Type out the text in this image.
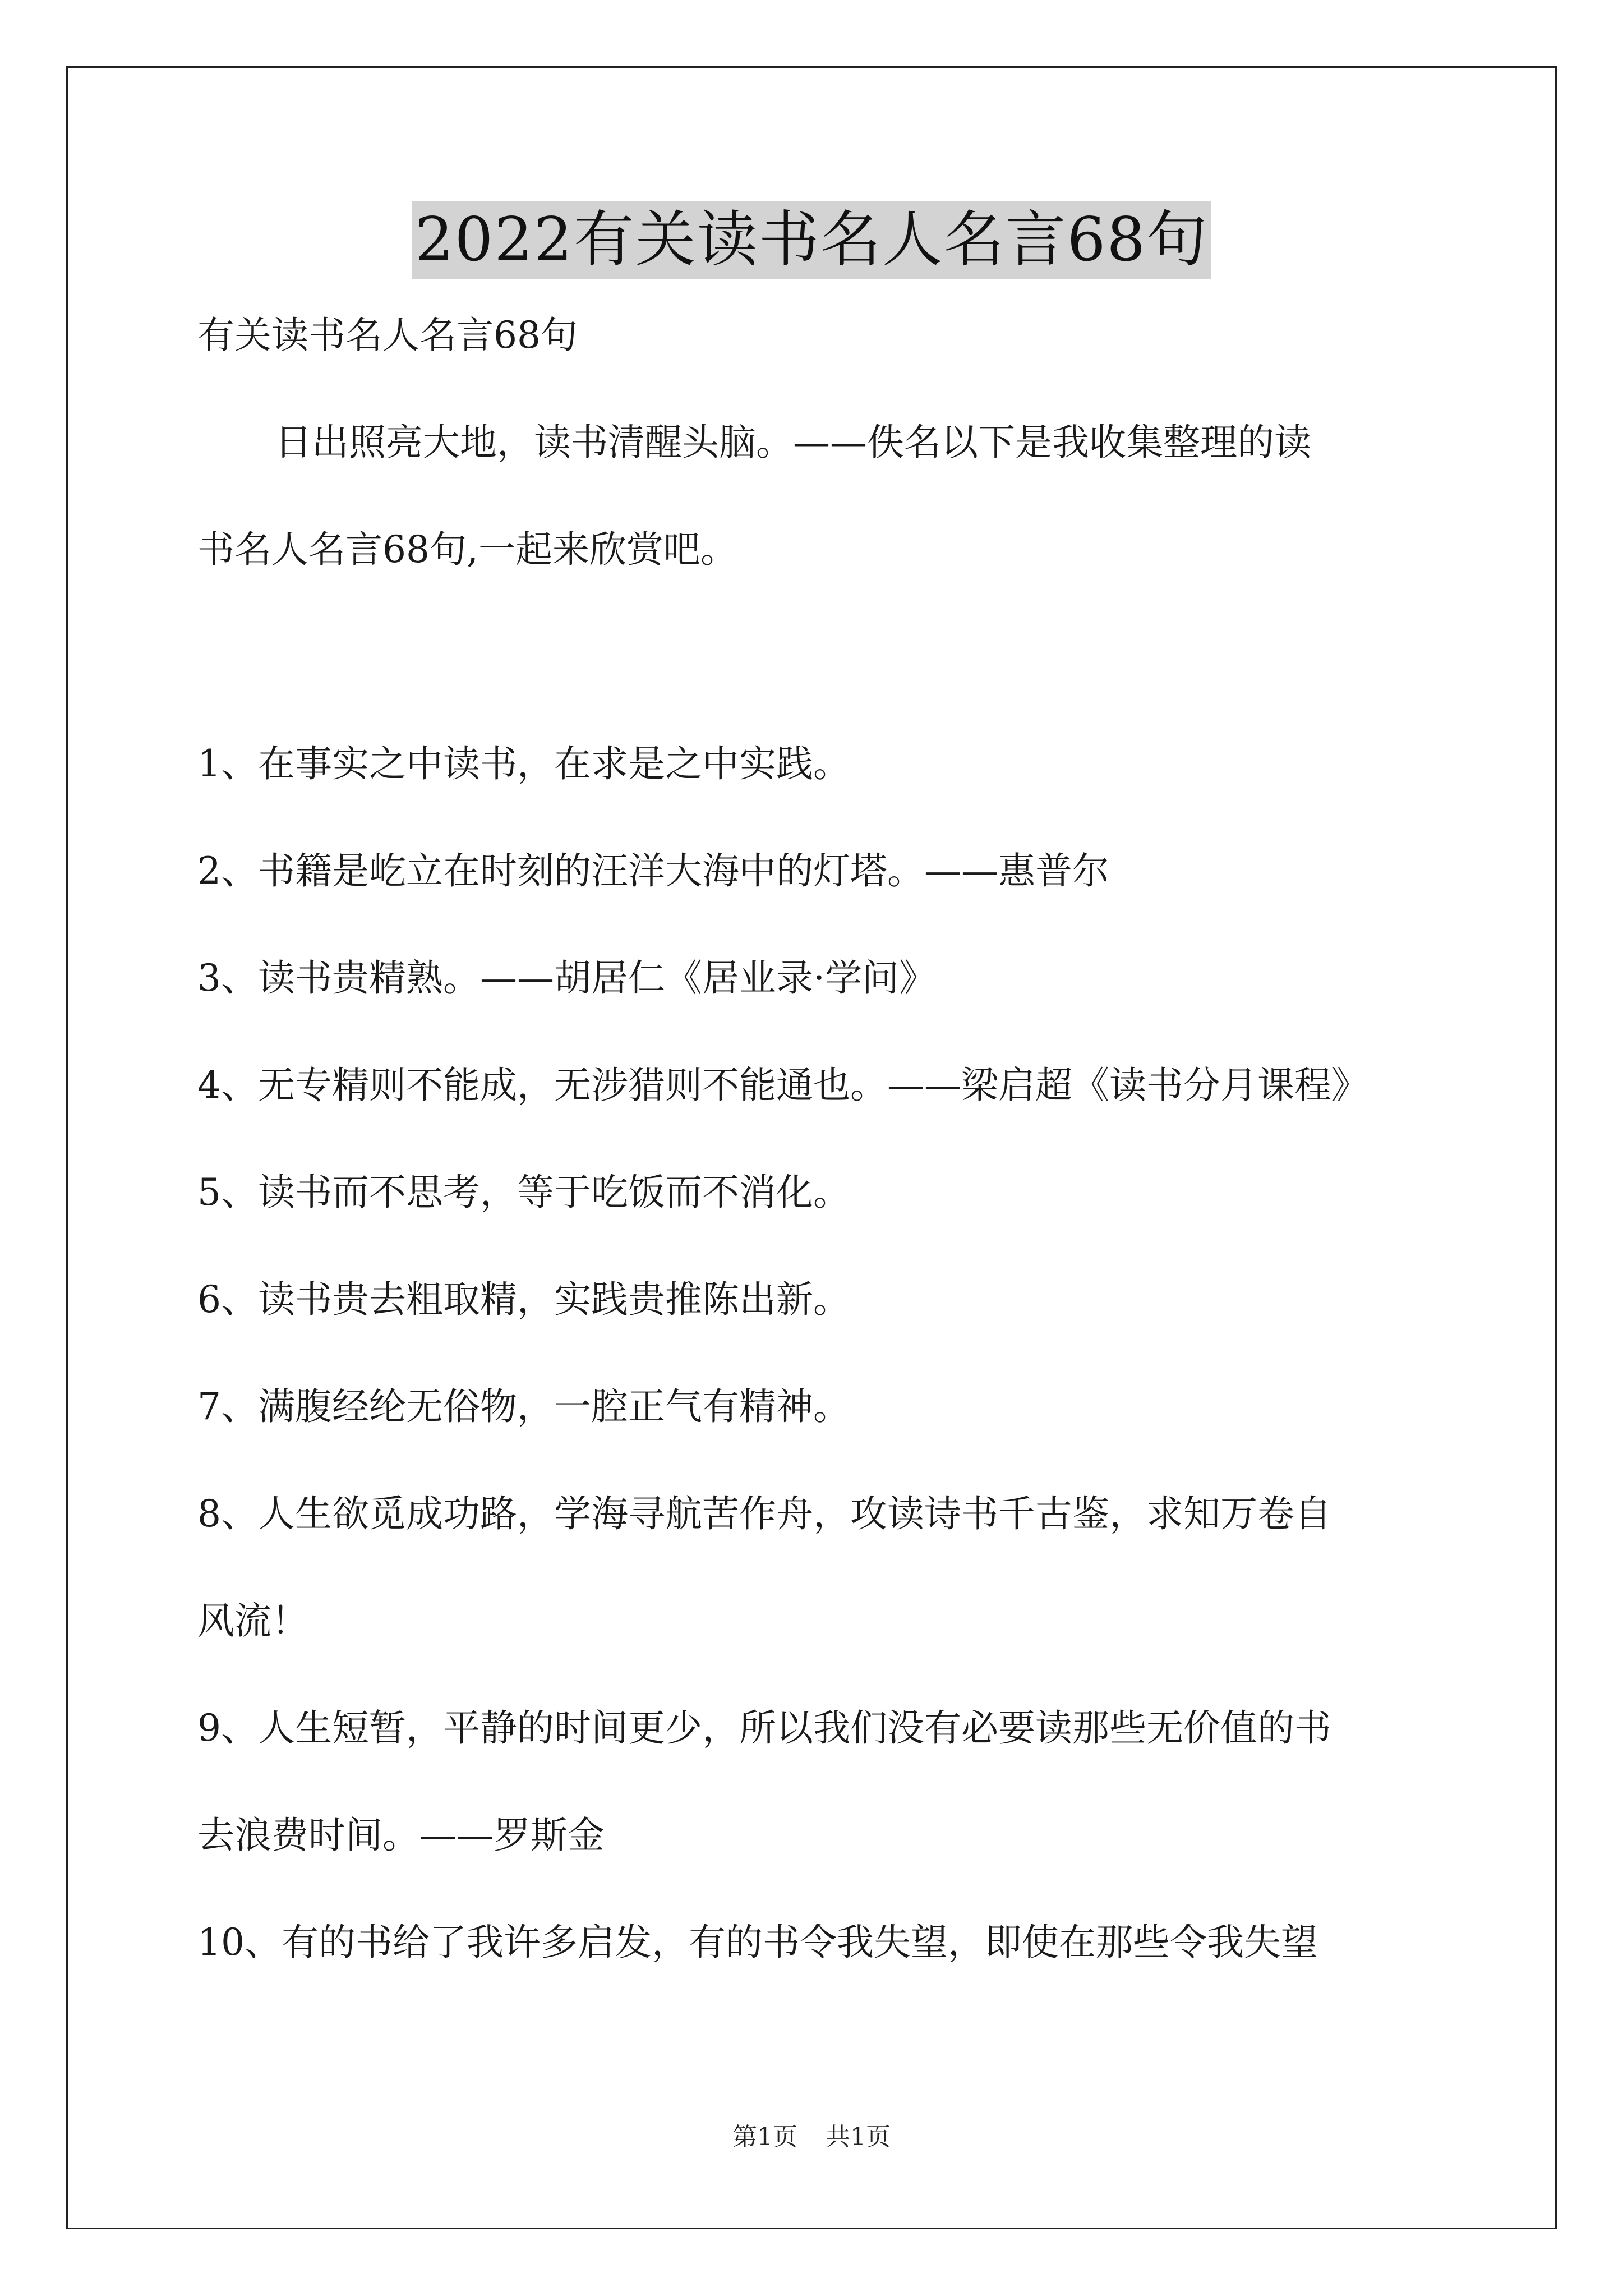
2022有关读书名人名言68句
有关读书名人名言68句
日出照亮大地，读书清醒头脑。——佚名以下是我收集整理的读
书名人名言68句,一起来欣赏吧。
1、在事实之中读书，在求是之中实践。
2、书籍是屹立在时刻的汪洋大海中的灯塔。——惠普尔
3、读书贵精熟。——胡居仁《居业录·学问》
4、无专精则不能成，无涉猎则不能通也。——梁启超《读书分月课程》
5、读书而不思考，等于吃饭而不消化。
6、读书贵去粗取精，实践贵推陈出新。
7、满腹经纶无俗物，一腔正气有精神。
8、人生欲觅成功路，学海寻航苦作舟，攻读诗书千古鉴，求知万卷自
风流！
9、人生短暂，平静的时间更少，所以我们没有必要读那些无价值的书
去浪费时间。——罗斯金
10、有的书给了我许多启发，有的书令我失望，即使在那些令我失望
第1页 共1页
